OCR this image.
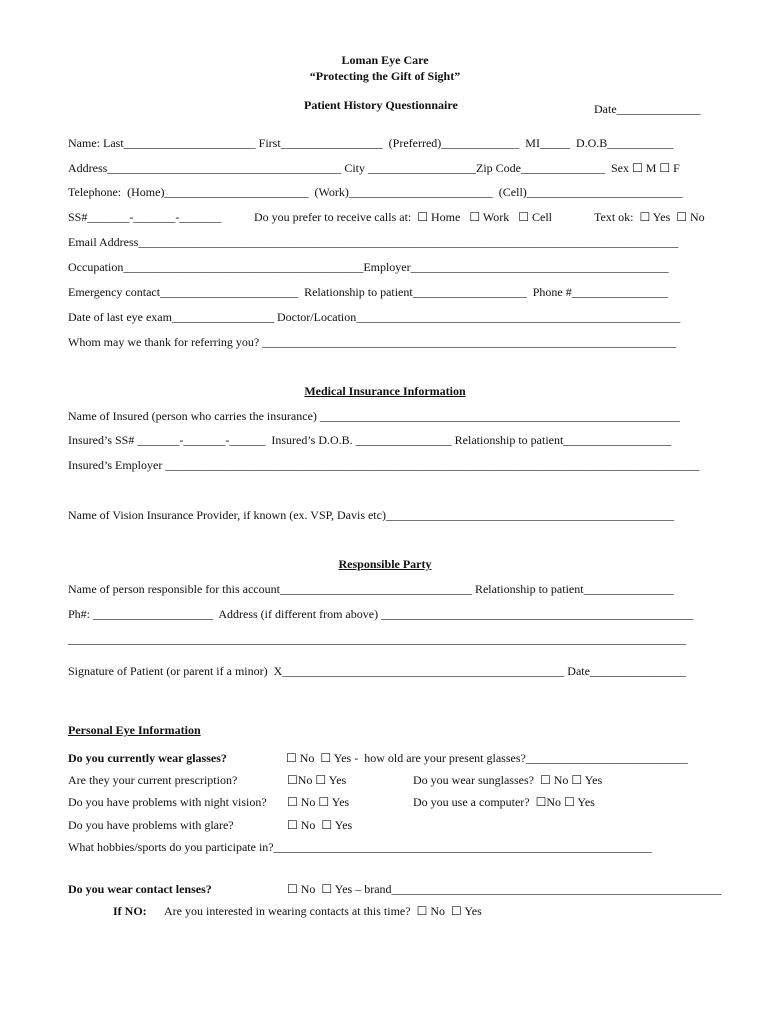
Loman Eye Care
“Protecting the Gift of Sight”
Patient History Questionnaire	Date______________
Name: Last______________________ First_________________  (Preferred)_____________  MI_____  D.O.B___________
Address_______________________________________ City __________________Zip Code______________  Sex ☐ M ☐ F
Telephone:  (Home)________________________  (Work)________________________  (Cell)__________________________
SS#_______-_______-_______	Do you prefer to receive calls at:  ☐ Home   ☐ Work   ☐ Cell	Text ok:  ☐ Yes  ☐ No
Email Address__________________________________________________________________________________________
Occupation________________________________________Employer___________________________________________
Emergency contact_______________________  Relationship to patient___________________  Phone #________________
Date of last eye exam_________________ Doctor/Location______________________________________________________
Whom may we thank for referring you? _____________________________________________________________________
Medical Insurance Information
Name of Insured (person who carries the insurance) ____________________________________________________________
Insured’s SS# _______-_______-______  Insured’s D.O.B. ________________ Relationship to patient__________________
Insured’s Employer _________________________________________________________________________________________
Name of Vision Insurance Provider, if known (ex. VSP, Davis etc)________________________________________________
Responsible Party
Name of person responsible for this account________________________________ Relationship to patient_______________
Ph#: ____________________  Address (if different from above) ____________________________________________________
_______________________________________________________________________________________________________
Signature of Patient (or parent if a minor)  X_______________________________________________ Date________________
Personal Eye Information
Do you currently wear glasses?	☐ No  ☐ Yes -  how old are your present glasses?___________________________
Are they your current prescription?	☐No ☐ Yes	Do you wear sunglasses?  ☐ No ☐ Yes
Do you have problems with night vision? ☐ No ☐ Yes	Do you use a computer?  ☐No ☐ Yes
Do you have problems with glare?	☐ No  ☐ Yes
What hobbies/sports do you participate in?_______________________________________________________________
Do you wear contact lenses?	☐ No  ☐ Yes – brand_______________________________________________________
If NO: Are you interested in wearing contacts at this time?  ☐ No  ☐ Yes
